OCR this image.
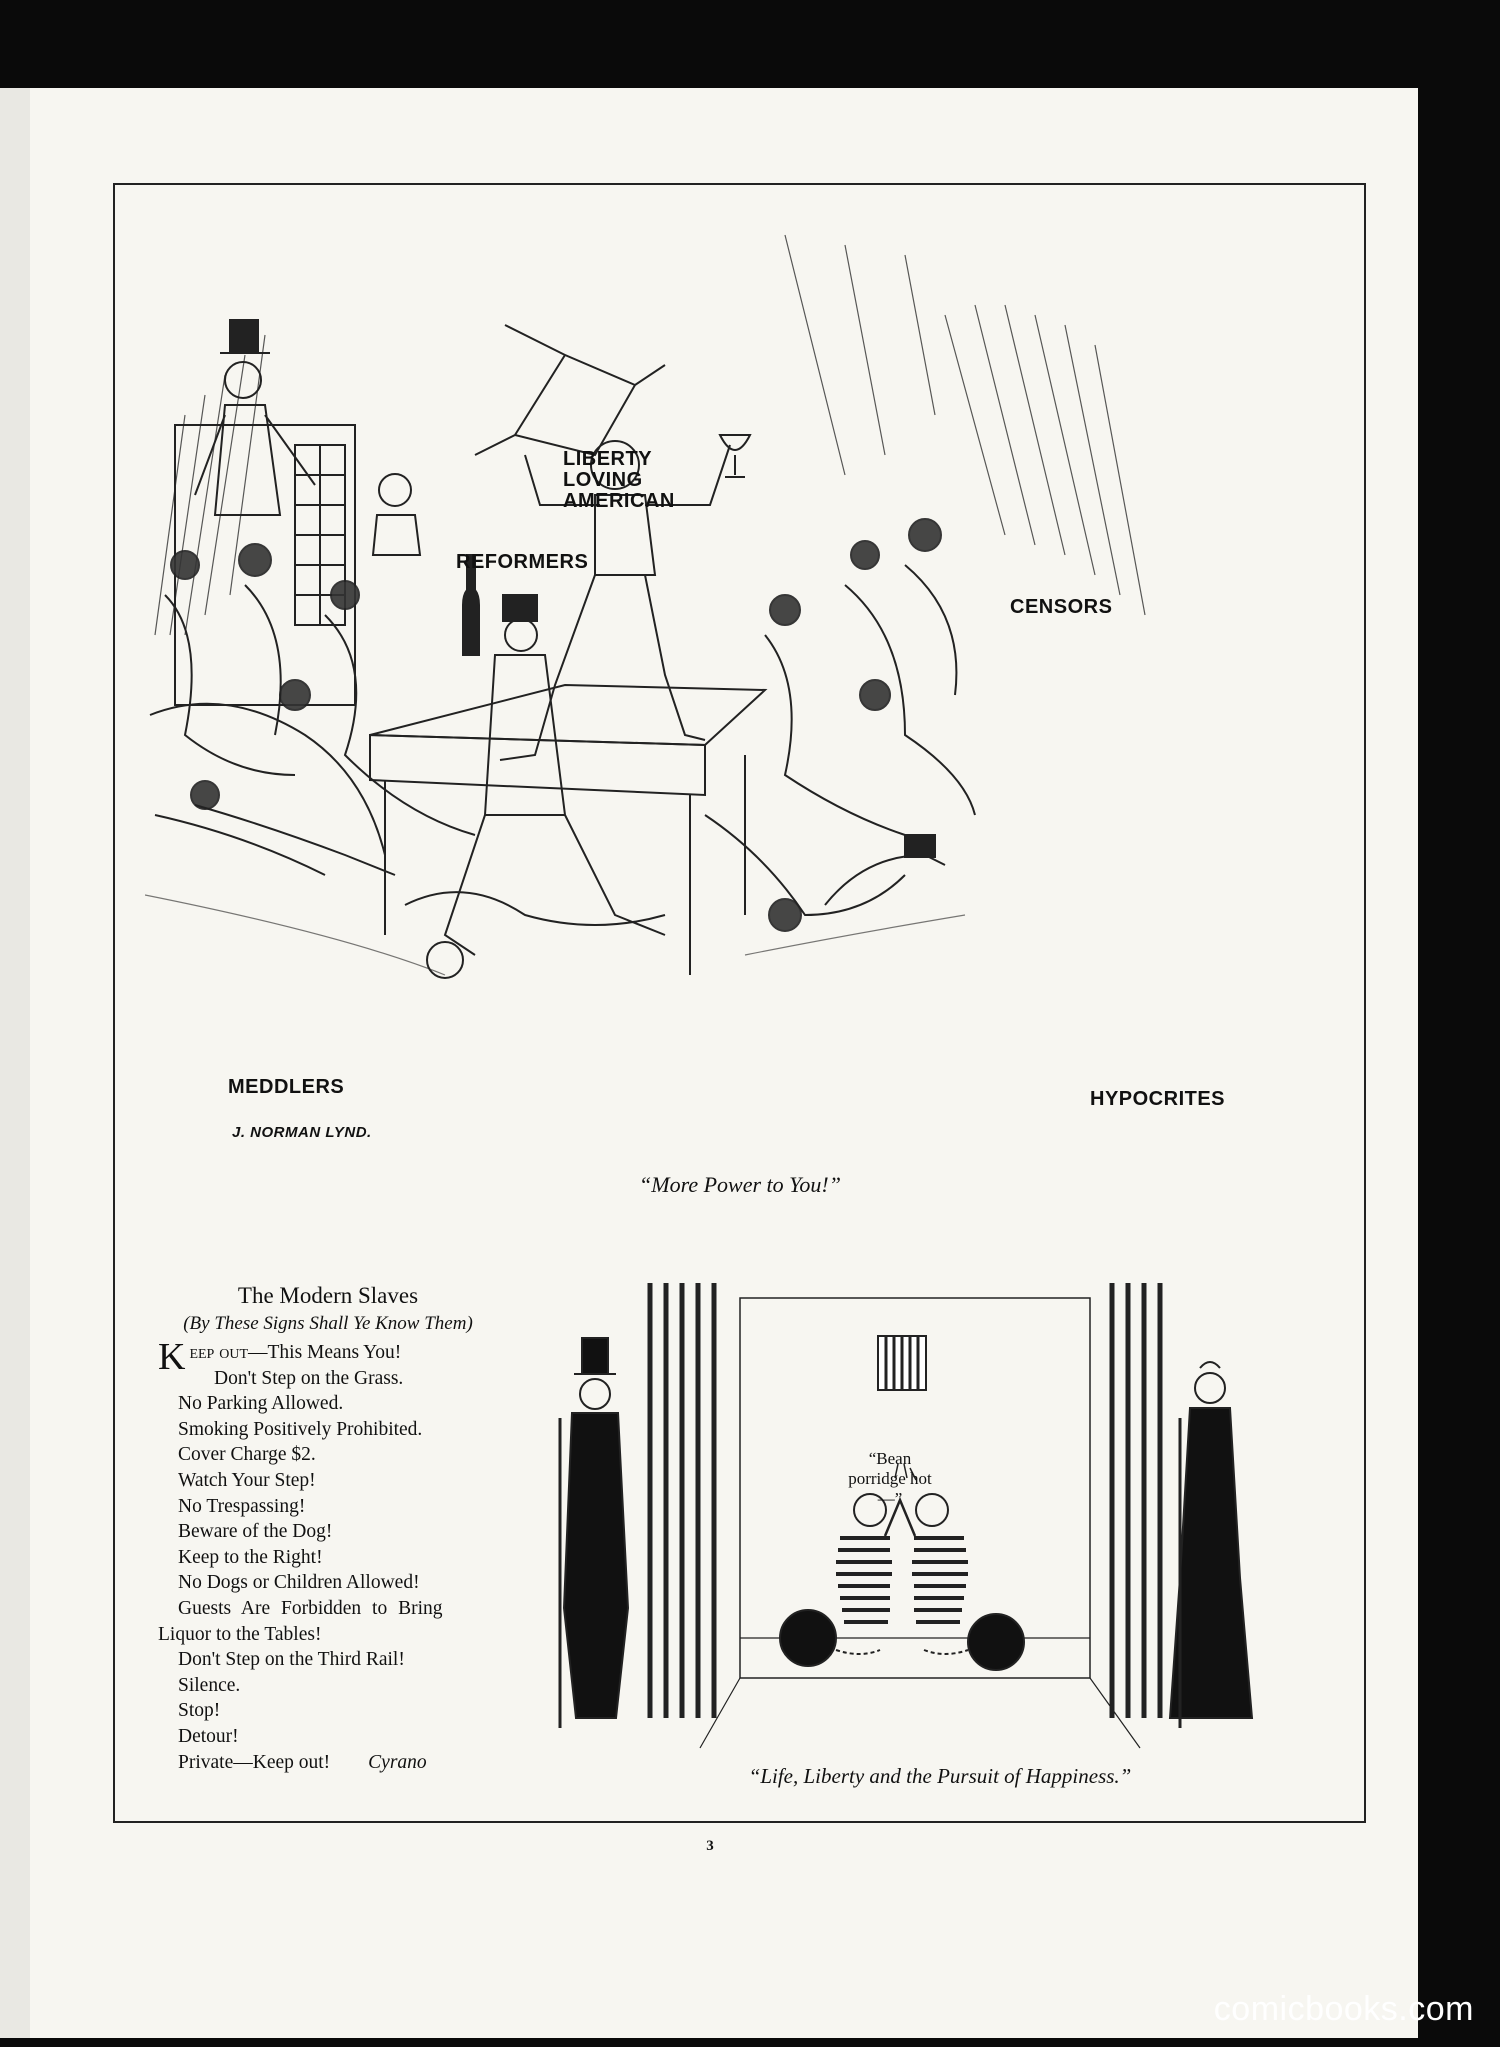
LIBERTY LOVING AMERICAN
REFORMERS
CENSORS
MEDDLERS
HYPOCRITES
J. NORMAN LYND.
“More Power to You!”
The Modern Slaves
(By These Signs Shall Ye Know Them)
Keep out—This Means You!
Don't Step on the Grass.
No Parking Allowed.
Smoking Positively Prohibited.
Cover Charge $2.
Watch Your Step!
No Trespassing!
Beware of the Dog!
Keep to the Right!
No Dogs or Children Allowed!
Guests Are Forbidden to Bring
Liquor to the Tables!
Don't Step on the Third Rail!
Silence.
Stop!
Detour!
Private—Keep out! Cyrano
“Bean porridge hot —”
“Life, Liberty and the Pursuit of Happiness.”
3
comicbooks.com
